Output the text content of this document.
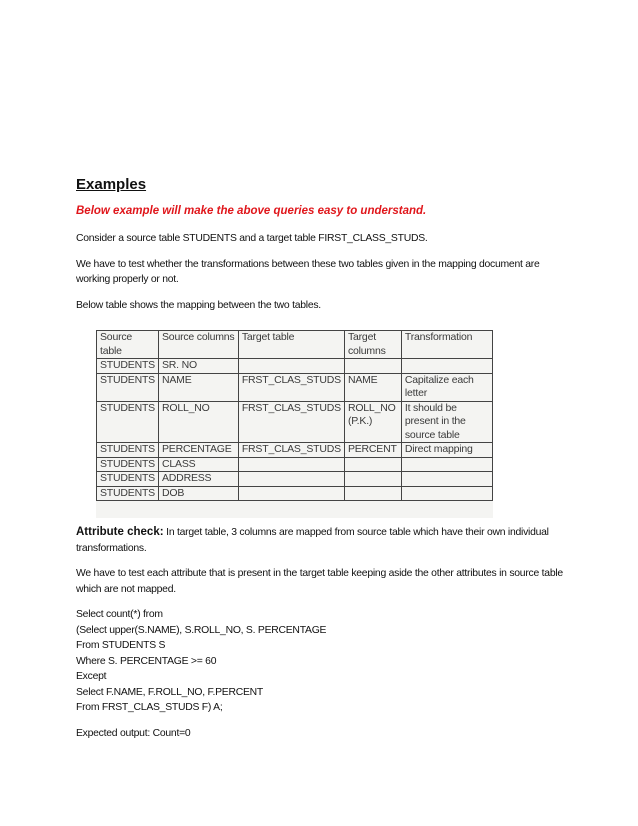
Examples
Below example will make the above queries easy to understand.
Consider a source table STUDENTS and a target table FIRST_CLASS_STUDS.
We have to test whether the transformations between these two tables given in the mapping document are working properly or not.
Below table shows the mapping between the two tables.
Source table	Source columns	Target table	Target columns	Transformation
STUDENTS	SR. NO			
STUDENTS	NAME	FRST_CLAS_STUDS	NAME	Capitalize each letter
STUDENTS	ROLL_NO	FRST_CLAS_STUDS	ROLL_NO (P.K.)	It should be present in the source table
STUDENTS	PERCENTAGE	FRST_CLAS_STUDS	PERCENT	Direct mapping
STUDENTS	CLASS			
STUDENTS	ADDRESS			
STUDENTS	DOB			
Attribute check: In target table, 3 columns are mapped from source table which have their own individual transformations.
We have to test each attribute that is present in the target table keeping aside the other attributes in source table which are not mapped.
Select count(*) from
(Select upper(S.NAME), S.ROLL_NO, S. PERCENTAGE
From STUDENTS S
Where S. PERCENTAGE >= 60
Except
Select F.NAME, F.ROLL_NO, F.PERCENT
From FRST_CLAS_STUDS F) A;
Expected output: Count=0
